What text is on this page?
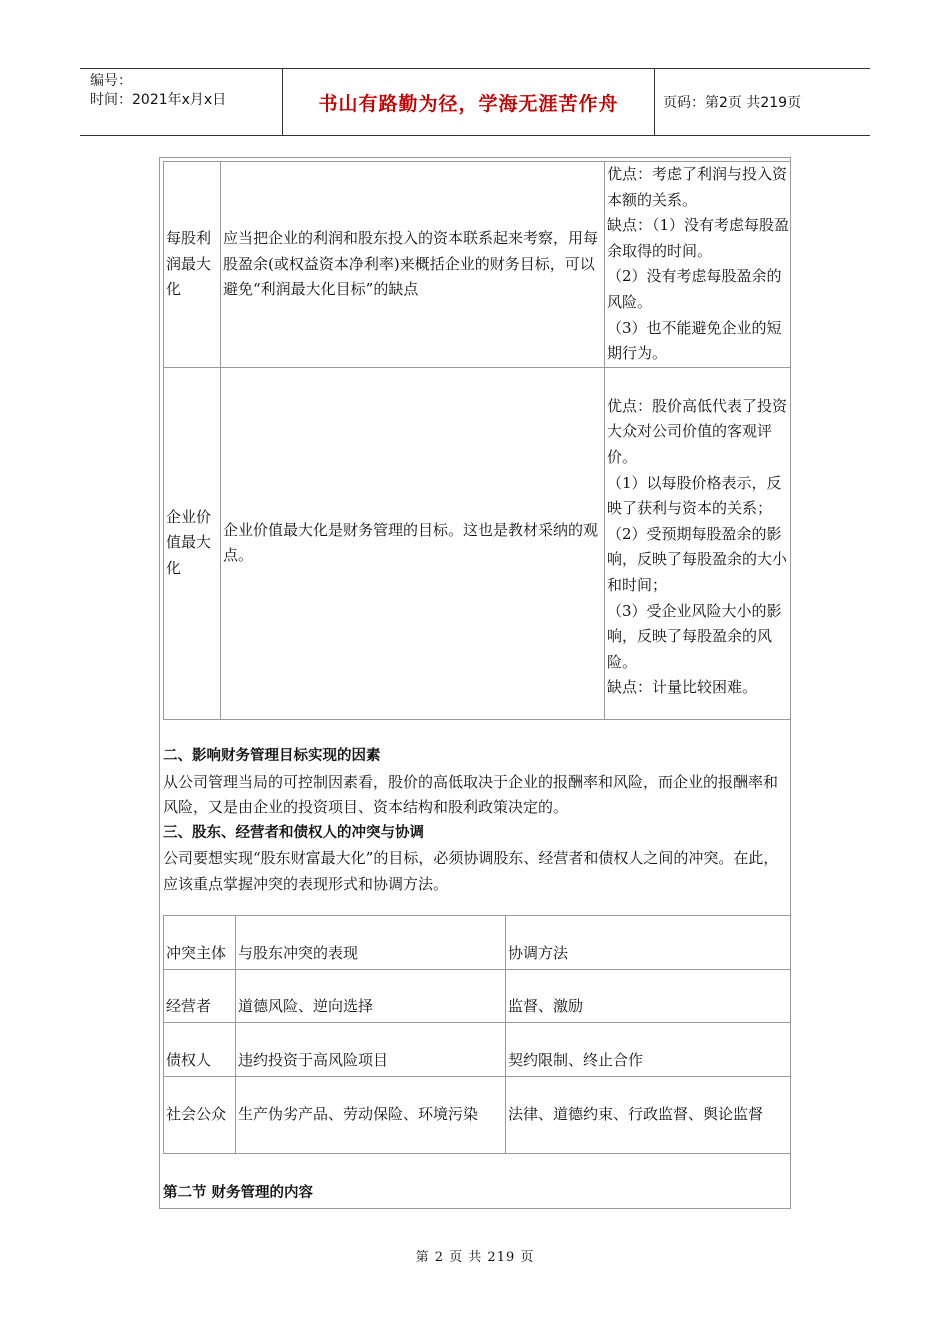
编号：
时间：2021年x月x日	书山有路勤为径，学海无涯苦作舟	页码：第2页 共219页
每股利润最大化	应当把企业的利润和股东投入的资本联系起来考察，用每股盈余(或权益资本净利率)来概括企业的财务目标，可以避免“利润最大化目标”的缺点	优点：考虑了利润与投入资本额的关系。
缺点：（1）没有考虑每股盈余取得的时间。
（2）没有考虑每股盈余的风险。
（3）也不能避免企业的短期行为。

企业价值最大化	企业价值最大化是财务管理的目标。这也是教材采纳的观点。	优点：股价高低代表了投资大众对公司价值的客观评价。
（1）以每股价格表示，反映了获利与资本的关系；
（2）受预期每股盈余的影响，反映了每股盈余的大小和时间；
（3）受企业风险大小的影响，反映了每股盈余的风险。
缺点：计量比较困难。
二、影响财务管理目标实现的因素
从公司管理当局的可控制因素看，股价的高低取决于企业的报酬率和风险，而企业的报酬率和风险，又是由企业的投资项目、资本结构和股利政策决定的。
三、股东、经营者和债权人的冲突与协调
公司要想实现“股东财富最大化”的目标，必须协调股东、经营者和债权人之间的冲突。在此，应该重点掌握冲突的表现形式和协调方法。
冲突主体	与股东冲突的表现	协调方法
经营者	道德风险、逆向选择	监督、激励
债权人	违约投资于高风险项目	契约限制、终止合作
社会公众	生产伪劣产品、劳动保险、环境污染	法律、道德约束、行政监督、舆论监督
第二节 财务管理的内容
第 2 页 共 219 页
